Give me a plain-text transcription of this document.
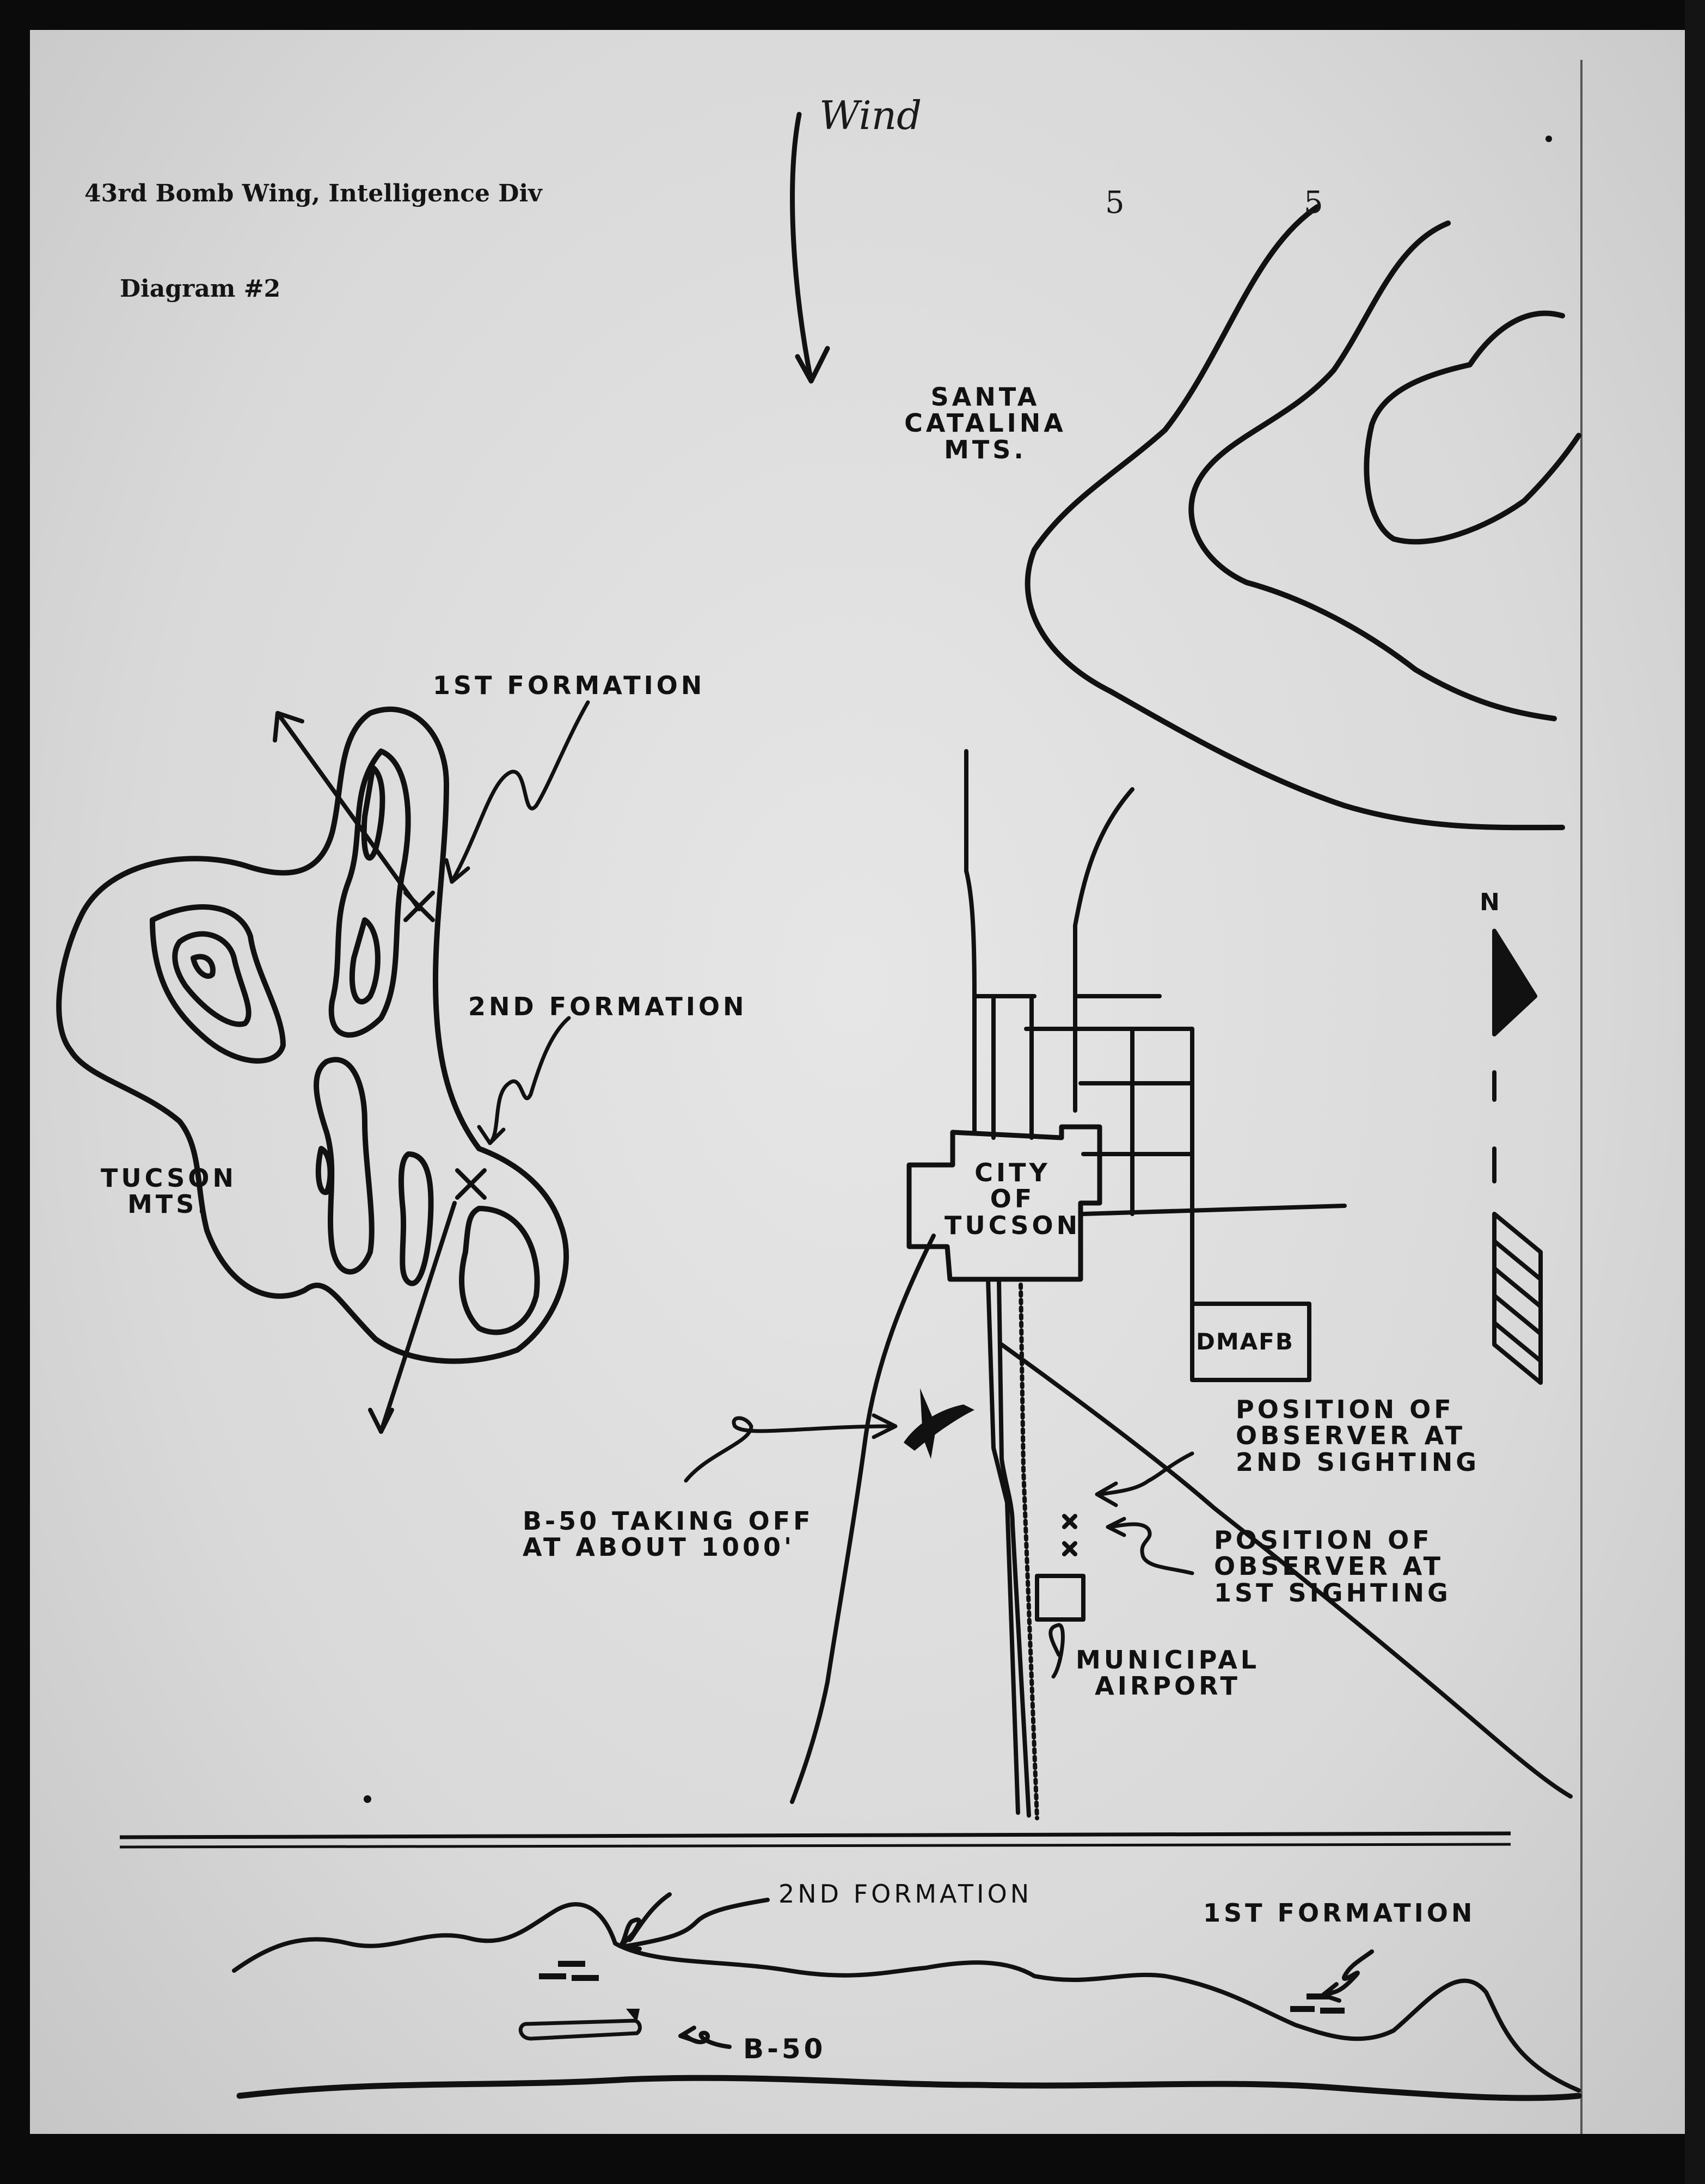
43rd Bomb Wing, Intelligence Div
Diagram #2
Wind
5	5
SANTA
CATALINA
MTS.
TUCSON
MTS.
CITY
OF
TUCSON
DMAFB
MUNICIPAL
AIRPORT
1ST FORMATION
2ND FORMATION
B-50 TAKING OFF
AT ABOUT 1000'
POSITION OF
OBSERVER AT
2ND SIGHTING
POSITION OF
OBSERVER AT
1ST SIGHTING
N
2ND FORMATION
1ST FORMATION
B-50
